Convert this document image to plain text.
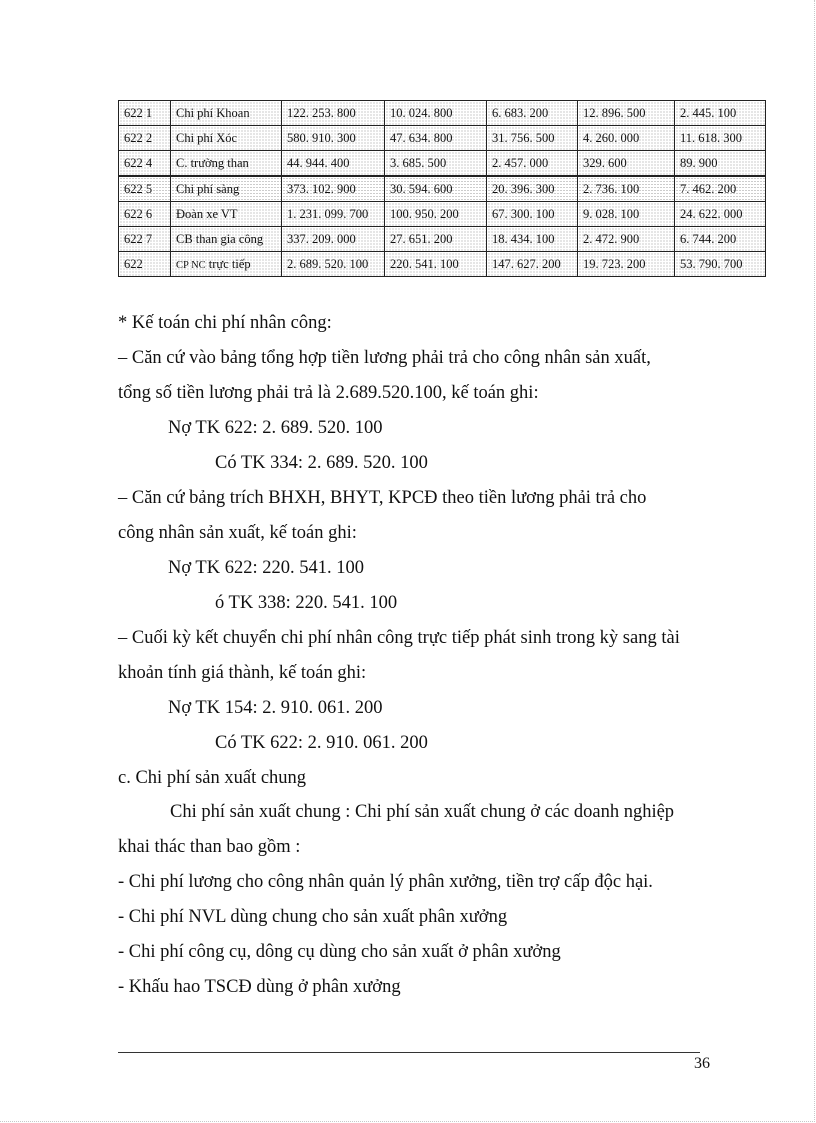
622 1	Chi phí Khoan	122. 253. 800	10. 024. 800	6. 683. 200	12. 896. 500	2. 445. 100
622 2	Chi phí Xóc	580. 910. 300	47. 634. 800	31. 756. 500	4. 260. 000	11. 618. 300
622 4	C. trường than	44. 944. 400	3. 685. 500	2. 457. 000	329. 600	89. 900
622 5	Chi phí sàng	373. 102. 900	30. 594. 600	20. 396. 300	2. 736. 100	7. 462. 200
622 6	Đoàn xe VT	1. 231. 099. 700	100. 950. 200	67. 300. 100	9. 028. 100	24. 622. 000
622 7	CB than gia công	337. 209. 000	27. 651. 200	18. 434. 100	2. 472. 900	6. 744. 200
622	CP NC trực tiếp	2. 689. 520. 100	220. 541. 100	147. 627. 200	19. 723. 200	53. 790. 700
* Kế toán chi phí nhân công:
– Căn cứ vào bảng tổng hợp tiền lương phải trả cho công nhân sản xuất,
tổng số tiền lương phải trả là 2.689.520.100, kế toán ghi:
Nợ TK 622: 2. 689. 520. 100
Có TK 334: 2. 689. 520. 100
– Căn cứ bảng trích BHXH, BHYT, KPCĐ theo tiền lương phải trả cho
công nhân sản xuất, kế toán ghi:
Nợ TK 622: 220. 541. 100
ó TK 338: 220. 541. 100
– Cuối kỳ kết chuyển chi phí nhân công trực tiếp phát sinh trong kỳ sang tài
khoản tính giá thành, kế toán ghi:
Nợ TK 154: 2. 910. 061. 200
Có TK 622: 2. 910. 061. 200
c. Chi phí sản xuất chung
Chi phí sản xuất chung : Chi phí sản xuất chung ở các doanh nghiệp
khai thác than bao gồm :
- Chi phí lương cho công nhân quản lý phân xưởng, tiền trợ cấp độc hại.
- Chi phí NVL dùng chung cho sản xuất phân xưởng
- Chi phí công cụ, dông cụ dùng cho sản xuất ở phân xưởng
- Khấu hao TSCĐ dùng ở phân xưởng
36
